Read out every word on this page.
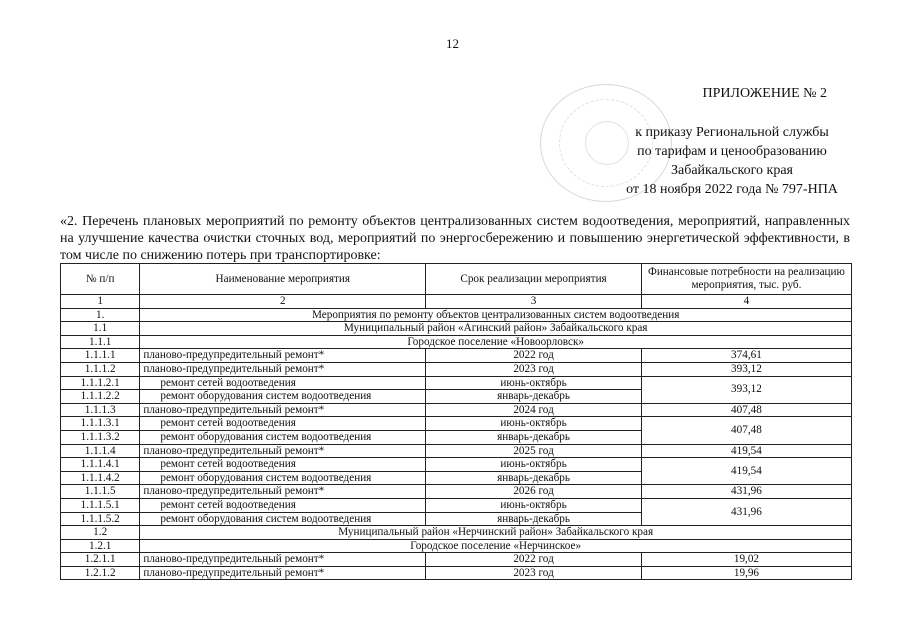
12
ПРИЛОЖЕНИЕ № 2
к приказу Региональной службы
по тарифам и ценообразованию
Забайкальского края
от 18 ноября 2022 года № 797-НПА
«2. Перечень плановых мероприятий по ремонту объектов централизованных систем водоотведения, мероприятий, направленных на улучшение качества очистки сточных вод, мероприятий по энергосбережению и повышению энергетической эффективности, в том числе по снижению потерь при транспортировке:
№ п/п	Наименование мероприятия	Срок реализации мероприятия	Финансовые потребности на реализацию мероприятия, тыс. руб.
1	2	3	4
1.	Мероприятия по ремонту объектов централизованных систем водоотведения		
1.1	Муниципальный район «Агинский район» Забайкальского края		
1.1.1	Городское поселение «Новоорловск»		
1.1.1.1	планово-предупредительный ремонт*	2022 год	374,61
1.1.1.2	планово-предупредительный ремонт*	2023 год	393,12
1.1.1.2.1	ремонт сетей водоотведения	июнь-октябрь	393,12
1.1.1.2.2	ремонт оборудования систем водоотведения	январь-декабрь	
1.1.1.3	планово-предупредительный ремонт*	2024 год	407,48
1.1.1.3.1	ремонт сетей водоотведения	июнь-октябрь	407,48
1.1.1.3.2	ремонт оборудования систем водоотведения	январь-декабрь	
1.1.1.4	планово-предупредительный ремонт*	2025 год	419,54
1.1.1.4.1	ремонт сетей водоотведения	июнь-октябрь	419,54
1.1.1.4.2	ремонт оборудования систем водоотведения	январь-декабрь	
1.1.1.5	планово-предупредительный ремонт*	2026 год	431,96
1.1.1.5.1	ремонт сетей водоотведения	июнь-октябрь	431,96
1.1.1.5.2	ремонт оборудования систем водоотведения	январь-декабрь	
1.2	Муниципальный район «Нерчинский район» Забайкальского края		
1.2.1	Городское поселение «Нерчинское»		
1.2.1.1	планово-предупредительный ремонт*	2022 год	19,02
1.2.1.2	планово-предупредительный ремонт*	2023 год	19,96
